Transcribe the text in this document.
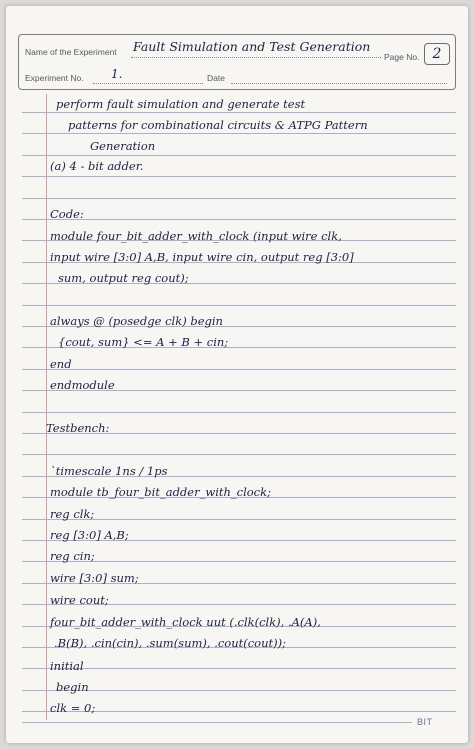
Name of the Experiment Fault Simulation and Test Generation
Page No. 2
Experiment No. 1.	Date
perform fault simulation and generate test
patterns for combinational circuits & ATPG Pattern
Generation
(a) 4 - bit adder.
Code:
module four_bit_adder_with_clock (input wire clk,
input wire [3:0] A,B, input wire cin, output reg [3:0]
sum, output reg cout);
always @ (posedge clk) begin
{cout, sum} <= A + B + cin;
end
endmodule
Testbench:
`timescale 1ns / 1ps
module tb_four_bit_adder_with_clock;
reg clk;
reg [3:0] A,B;
reg cin;
wire [3:0] sum;
wire cout;
four_bit_adder_with_clock uut (.clk(clk), .A(A),
.B(B), .cin(cin), .sum(sum), .cout(cout));
initial
begin
clk = 0;
BIT
